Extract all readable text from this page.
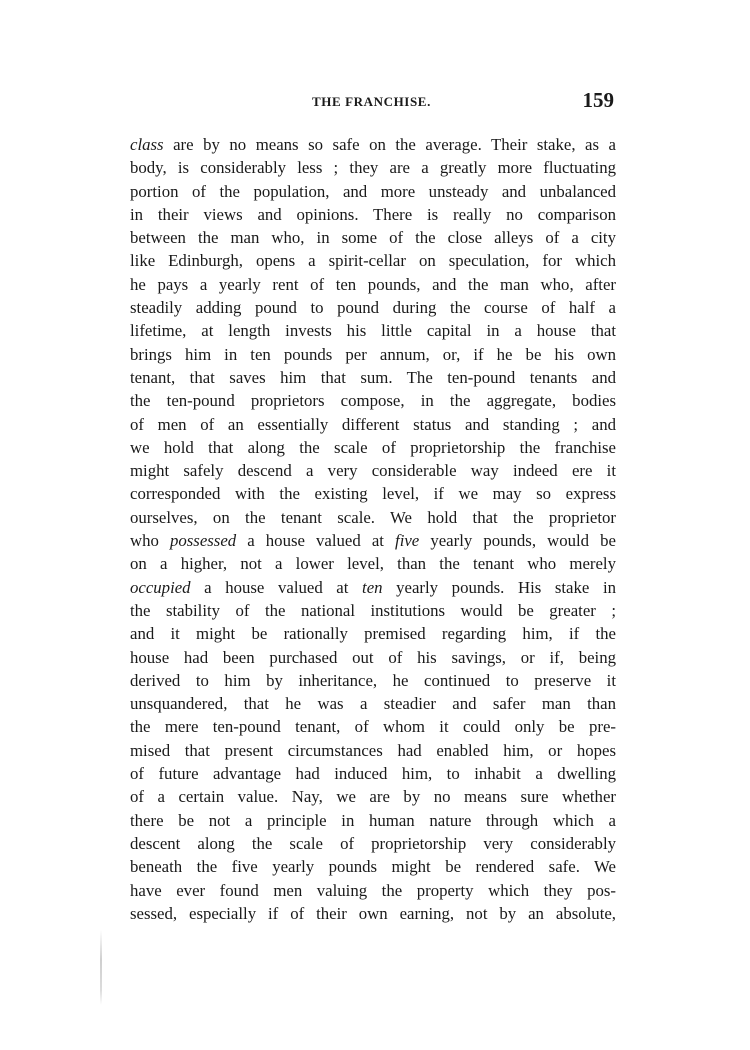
THE FRANCHISE.	159
class are by no means so safe on the average. Their stake, as a
body, is considerably less ; they are a greatly more fluctuating
portion of the population, and more unsteady and unbalanced
in their views and opinions. There is really no comparison
between the man who, in some of the close alleys of a city
like Edinburgh, opens a spirit-cellar on speculation, for which
he pays a yearly rent of ten pounds, and the man who, after
steadily adding pound to pound during the course of half a
lifetime, at length invests his little capital in a house that
brings him in ten pounds per annum, or, if he be his own
tenant, that saves him that sum. The ten-pound tenants and
the ten-pound proprietors compose, in the aggregate, bodies
of men of an essentially different status and standing ; and
we hold that along the scale of proprietorship the franchise
might safely descend a very considerable way indeed ere it
corresponded with the existing level, if we may so express
ourselves, on the tenant scale. We hold that the proprietor
who possessed a house valued at five yearly pounds, would be
on a higher, not a lower level, than the tenant who merely
occupied a house valued at ten yearly pounds. His stake in
the stability of the national institutions would be greater ;
and it might be rationally premised regarding him, if the
house had been purchased out of his savings, or if, being
derived to him by inheritance, he continued to preserve it
unsquandered, that he was a steadier and safer man than
the mere ten-pound tenant, of whom it could only be pre-
mised that present circumstances had enabled him, or hopes
of future advantage had induced him, to inhabit a dwelling
of a certain value. Nay, we are by no means sure whether
there be not a principle in human nature through which a
descent along the scale of proprietorship very considerably
beneath the five yearly pounds might be rendered safe. We
have ever found men valuing the property which they pos-
sessed, especially if of their own earning, not by an absolute,
